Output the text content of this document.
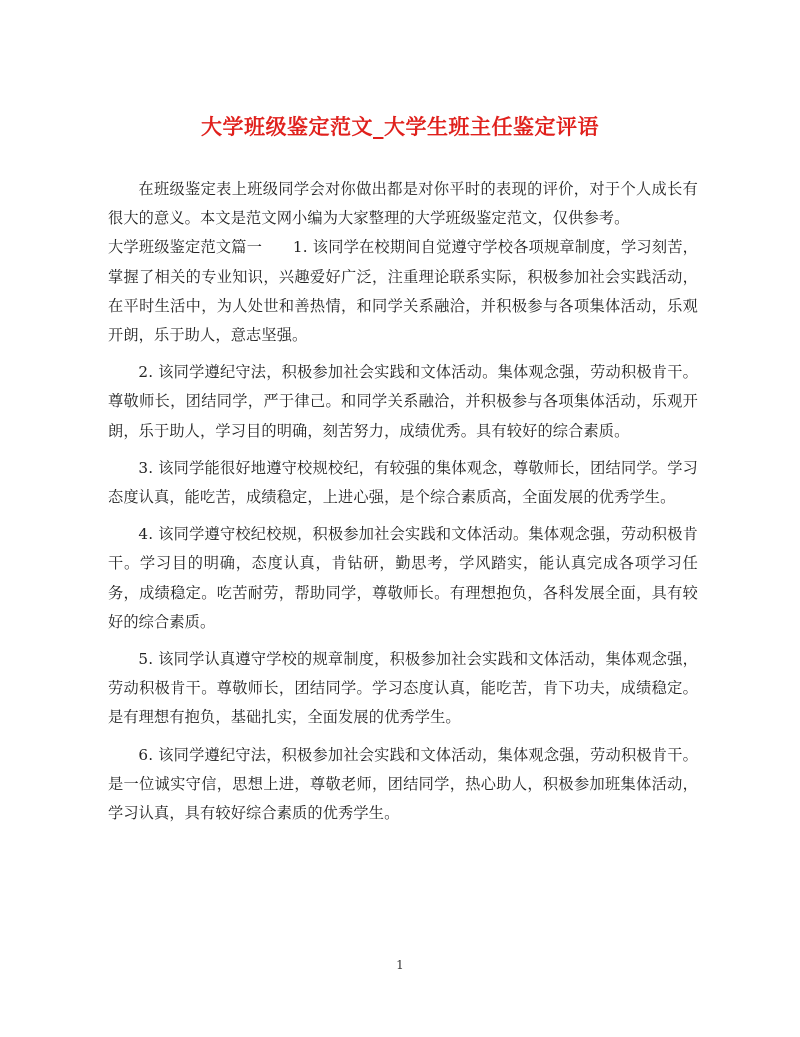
大学班级鉴定范文_大学生班主任鉴定评语

在班级鉴定表上班级同学会对你做出都是对你平时的表现的评价，对于个人成长有很大的意义。本文是范文网小编为大家整理的大学班级鉴定范文，仅供参考。

大学班级鉴定范文篇一　　1. 该同学在校期间自觉遵守学校各项规章制度，学习刻苦，掌握了相关的专业知识，兴趣爱好广泛，注重理论联系实际，积极参加社会实践活动，在平时生活中，为人处世和善热情，和同学关系融洽，并积极参与各项集体活动，乐观开朗，乐于助人，意志坚强。

2. 该同学遵纪守法，积极参加社会实践和文体活动。集体观念强，劳动积极肯干。尊敬师长，团结同学，严于律己。和同学关系融洽，并积极参与各项集体活动，乐观开朗，乐于助人，学习目的明确，刻苦努力，成绩优秀。具有较好的综合素质。

3. 该同学能很好地遵守校规校纪，有较强的集体观念，尊敬师长，团结同学。学习态度认真，能吃苦，成绩稳定，上进心强，是个综合素质高，全面发展的优秀学生。

4. 该同学遵守校纪校规，积极参加社会实践和文体活动。集体观念强，劳动积极肯干。学习目的明确，态度认真，肯钻研，勤思考，学风踏实，能认真完成各项学习任务，成绩稳定。吃苦耐劳，帮助同学，尊敬师长。有理想抱负，各科发展全面，具有较好的综合素质。

5. 该同学认真遵守学校的规章制度，积极参加社会实践和文体活动，集体观念强，劳动积极肯干。尊敬师长，团结同学。学习态度认真，能吃苦，肯下功夫，成绩稳定。是有理想有抱负，基础扎实，全面发展的优秀学生。

6. 该同学遵纪守法，积极参加社会实践和文体活动，集体观念强，劳动积极肯干。是一位诚实守信，思想上进，尊敬老师，团结同学，热心助人，积极参加班集体活动，学习认真，具有较好综合素质的优秀学生。

1
